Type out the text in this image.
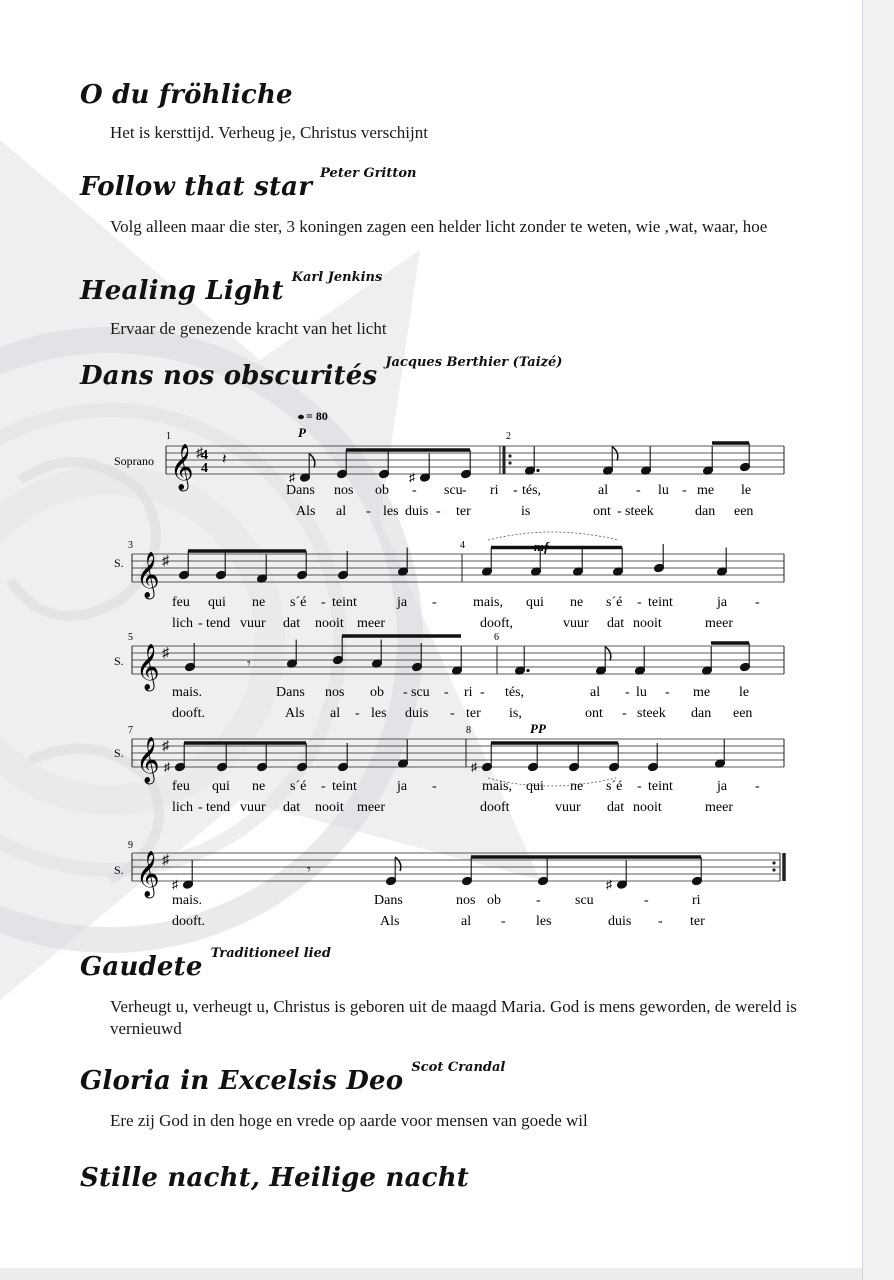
O du fröhliche
Het is kersttijd. Verheug je, Christus verschijnt
Follow that star $^{Peter Gritton}$
Volg alleen maar die ster, 3 koningen zagen een helder licht zonder te weten, wie ,wat, waar, hoe
Healing Light $^{Karl Jenkins}$
Ervaar de genezende kracht van het licht
Dans nos obscurités $^{Jacques Berthier (Taizé)}$
𝄞 ♯
𝄞 ♯
𝄞 ♯
𝄞 ♯
𝄞 ♯
4
4
𝄽
♯	♯
𝄾
♯	♯
♯
𝄾
♯
Dans nos ob - scu - ri - tés,	al - lu - me le
Als al - les duis - ter	is	ont - steek	dan een
feu qui ne s´é - teint	ja -	mais, qui ne s´é - teint	ja -
lich - tend vuur dat nooit meer	dooft,	vuur dat nooit	meer
mais.	Dans nos ob - scu - ri - tés,	al - lu - me le
dooft.	Als al - les duis - ter is,	ont - steek dan een
feu qui ne s´é - teint	ja -	mais, qui ne s´é - teint	ja -
lich - tend vuur dat nooit meer	dooft	vuur dat nooit	meer
mais.	Dans	nos ob	- scu	-	ri
dooft.	Als	al - les	duis - ter
= 80
P
mf
PP
Soprano
S.
S.
S.
S.
1	2
3	4
5	6
7	8
9
Gaudete $^{Traditioneel lied}$
Verheugt u, verheugt u, Christus is geboren uit de maagd Maria. God is mens geworden, de wereld is vernieuwd
Gloria in Excelsis Deo $^{Scot Crandal}$
Ere zij God in den hoge en vrede op aarde voor mensen van goede wil
Stille nacht, Heilige nacht
